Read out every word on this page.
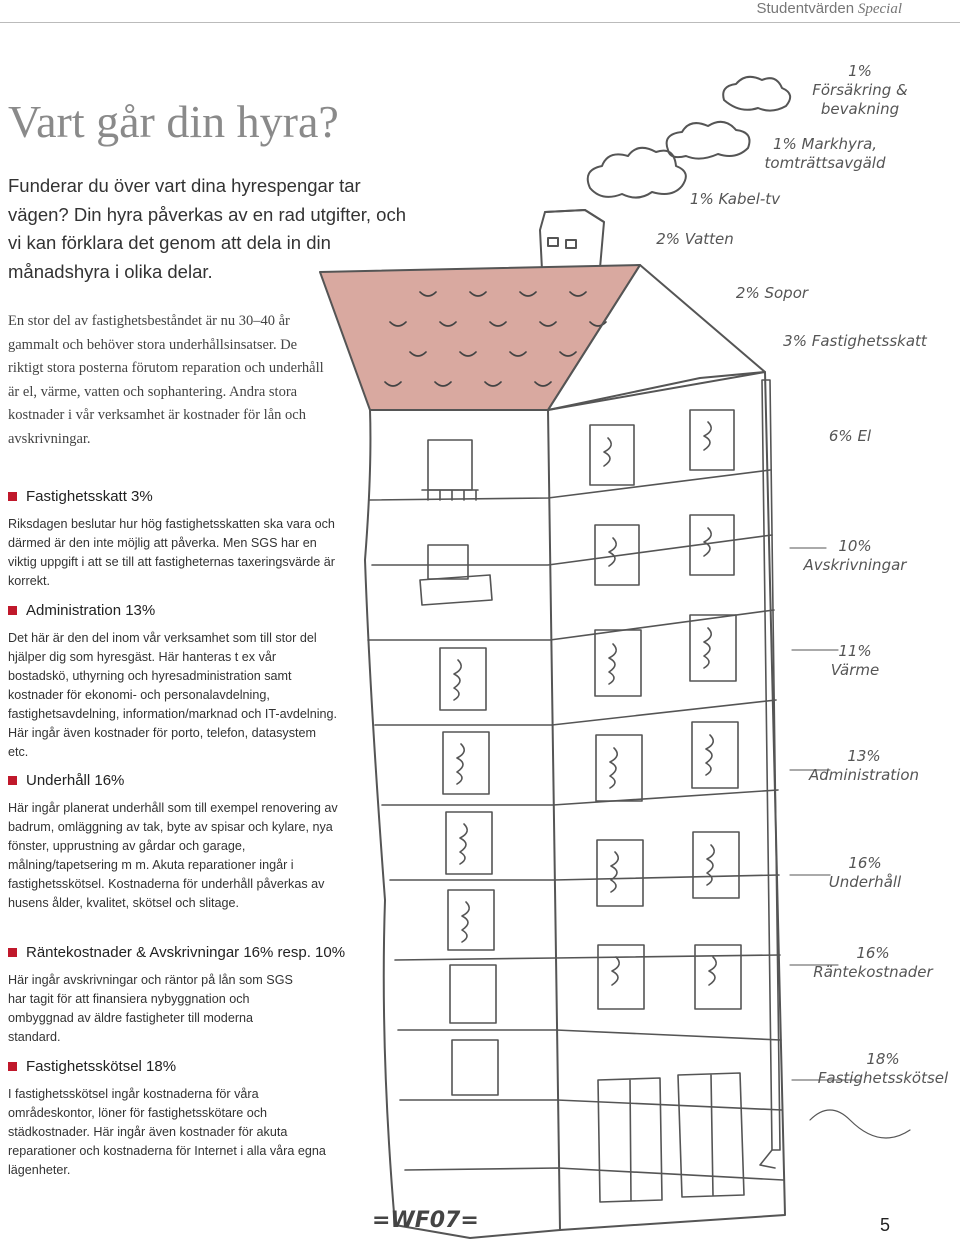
Studentvärden Special
Vart går din hyra?

Funderar du över vart dina hyrespengar tar vägen? Din hyra påverkas av en rad utgifter, och vi kan förklara det genom att dela in din månadshyra i olika delar.

En stor del av fastighetsbeståndet är nu 30–40 år gammalt och behöver stora underhållsinsatser. De riktigt stora posterna förutom reparation och underhåll är el, värme, vatten och sophantering. Andra stora kostnader i vår verksamhet är kostnader för lån och avskrivningar.

Fastighetsskatt 3%

Riksdagen beslutar hur hög fastighetsskatten ska vara och därmed är den inte möjlig att påverka. Men SGS har en viktig uppgift i att se till att fastigheternas taxeringsvärde är korrekt.

Administration 13%

Det här är den del inom vår verksamhet som till stor del hjälper dig som hyresgäst. Här hanteras t ex vår bostadskö, uthyrning och hyresadministration samt kostnader för ekonomi- och personalavdelning, fastighetsavdelning, information/marknad och IT-avdelning. Här ingår även kostnader för porto, telefon, datasystem etc.

Underhåll 16%

Här ingår planerat underhåll som till exempel renovering av badrum, omläggning av tak, byte av spisar och kylare, nya fönster, upprustning av gårdar och garage, målning/tapetsering m m. Akuta reparationer ingår i fastighetsskötsel. Kostnaderna för underhåll påverkas av husens ålder, kvalitet, skötsel och slitage.

Räntekostnader & Avskrivningar 16% resp. 10%

Här ingår avskrivningar och räntor på lån som SGS har tagit för att finansiera nybyggnation och ombyggnad av äldre fastigheter till moderna standard.

Fastighetsskötsel 18%

I fastighetsskötsel ingår kostnaderna för våra områdeskontor, löner för fastighetsskötare och städkostnader. Här ingår även kostnader för akuta reparationer och kostnaderna för Internet i alla våra egna lägenheter.

1%
Försäkring & bevakning
1% Markhyra,
tomträttsavgäld
1% Kabel-tv
2% Vatten
2% Sopor
3% Fastighetsskatt
6% El
10%
Avskrivningar
11%
Värme
13%
Administration
16%
Underhåll
16%
Räntekostnader
18%
Fastighetsskötsel
=WF07=	5
